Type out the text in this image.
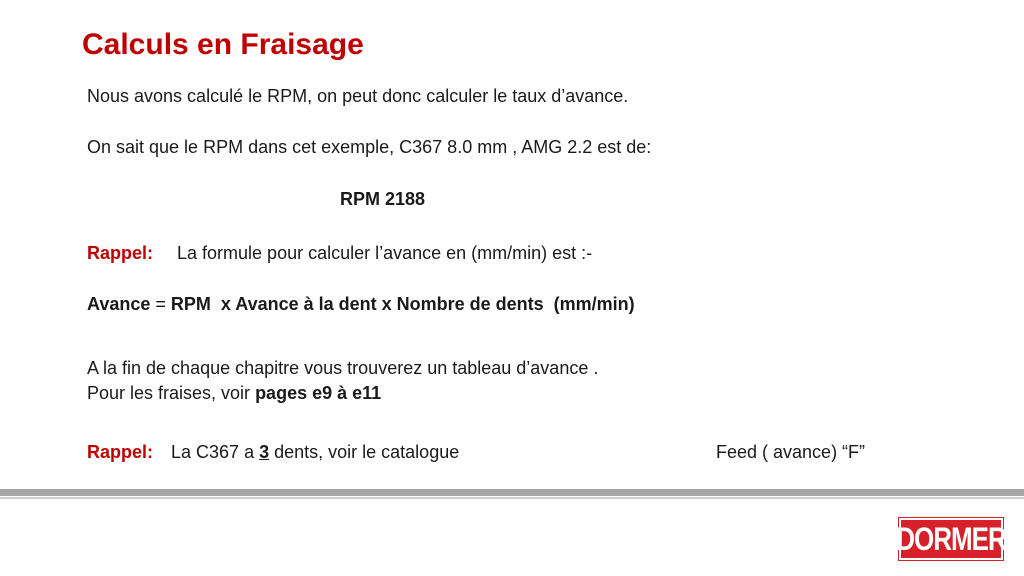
Calculs en Fraisage
Nous avons calculé le RPM, on peut donc calculer le taux d’avance.
On sait que le RPM dans cet exemple, C367 8.0 mm , AMG 2.2 est de:
RPM 2188
Rappel: La formule pour calculer l’avance en (mm/min) est :-
Avance = RPM  x Avance à la dent x Nombre de dents  (mm/min)
A la fin de chaque chapitre vous trouverez un tableau d’avance .
Pour les fraises, voir pages e9 à e11
Rappel: La C367 a 3 dents, voir le catalogue	Feed ( avance) “F”
DORMER
